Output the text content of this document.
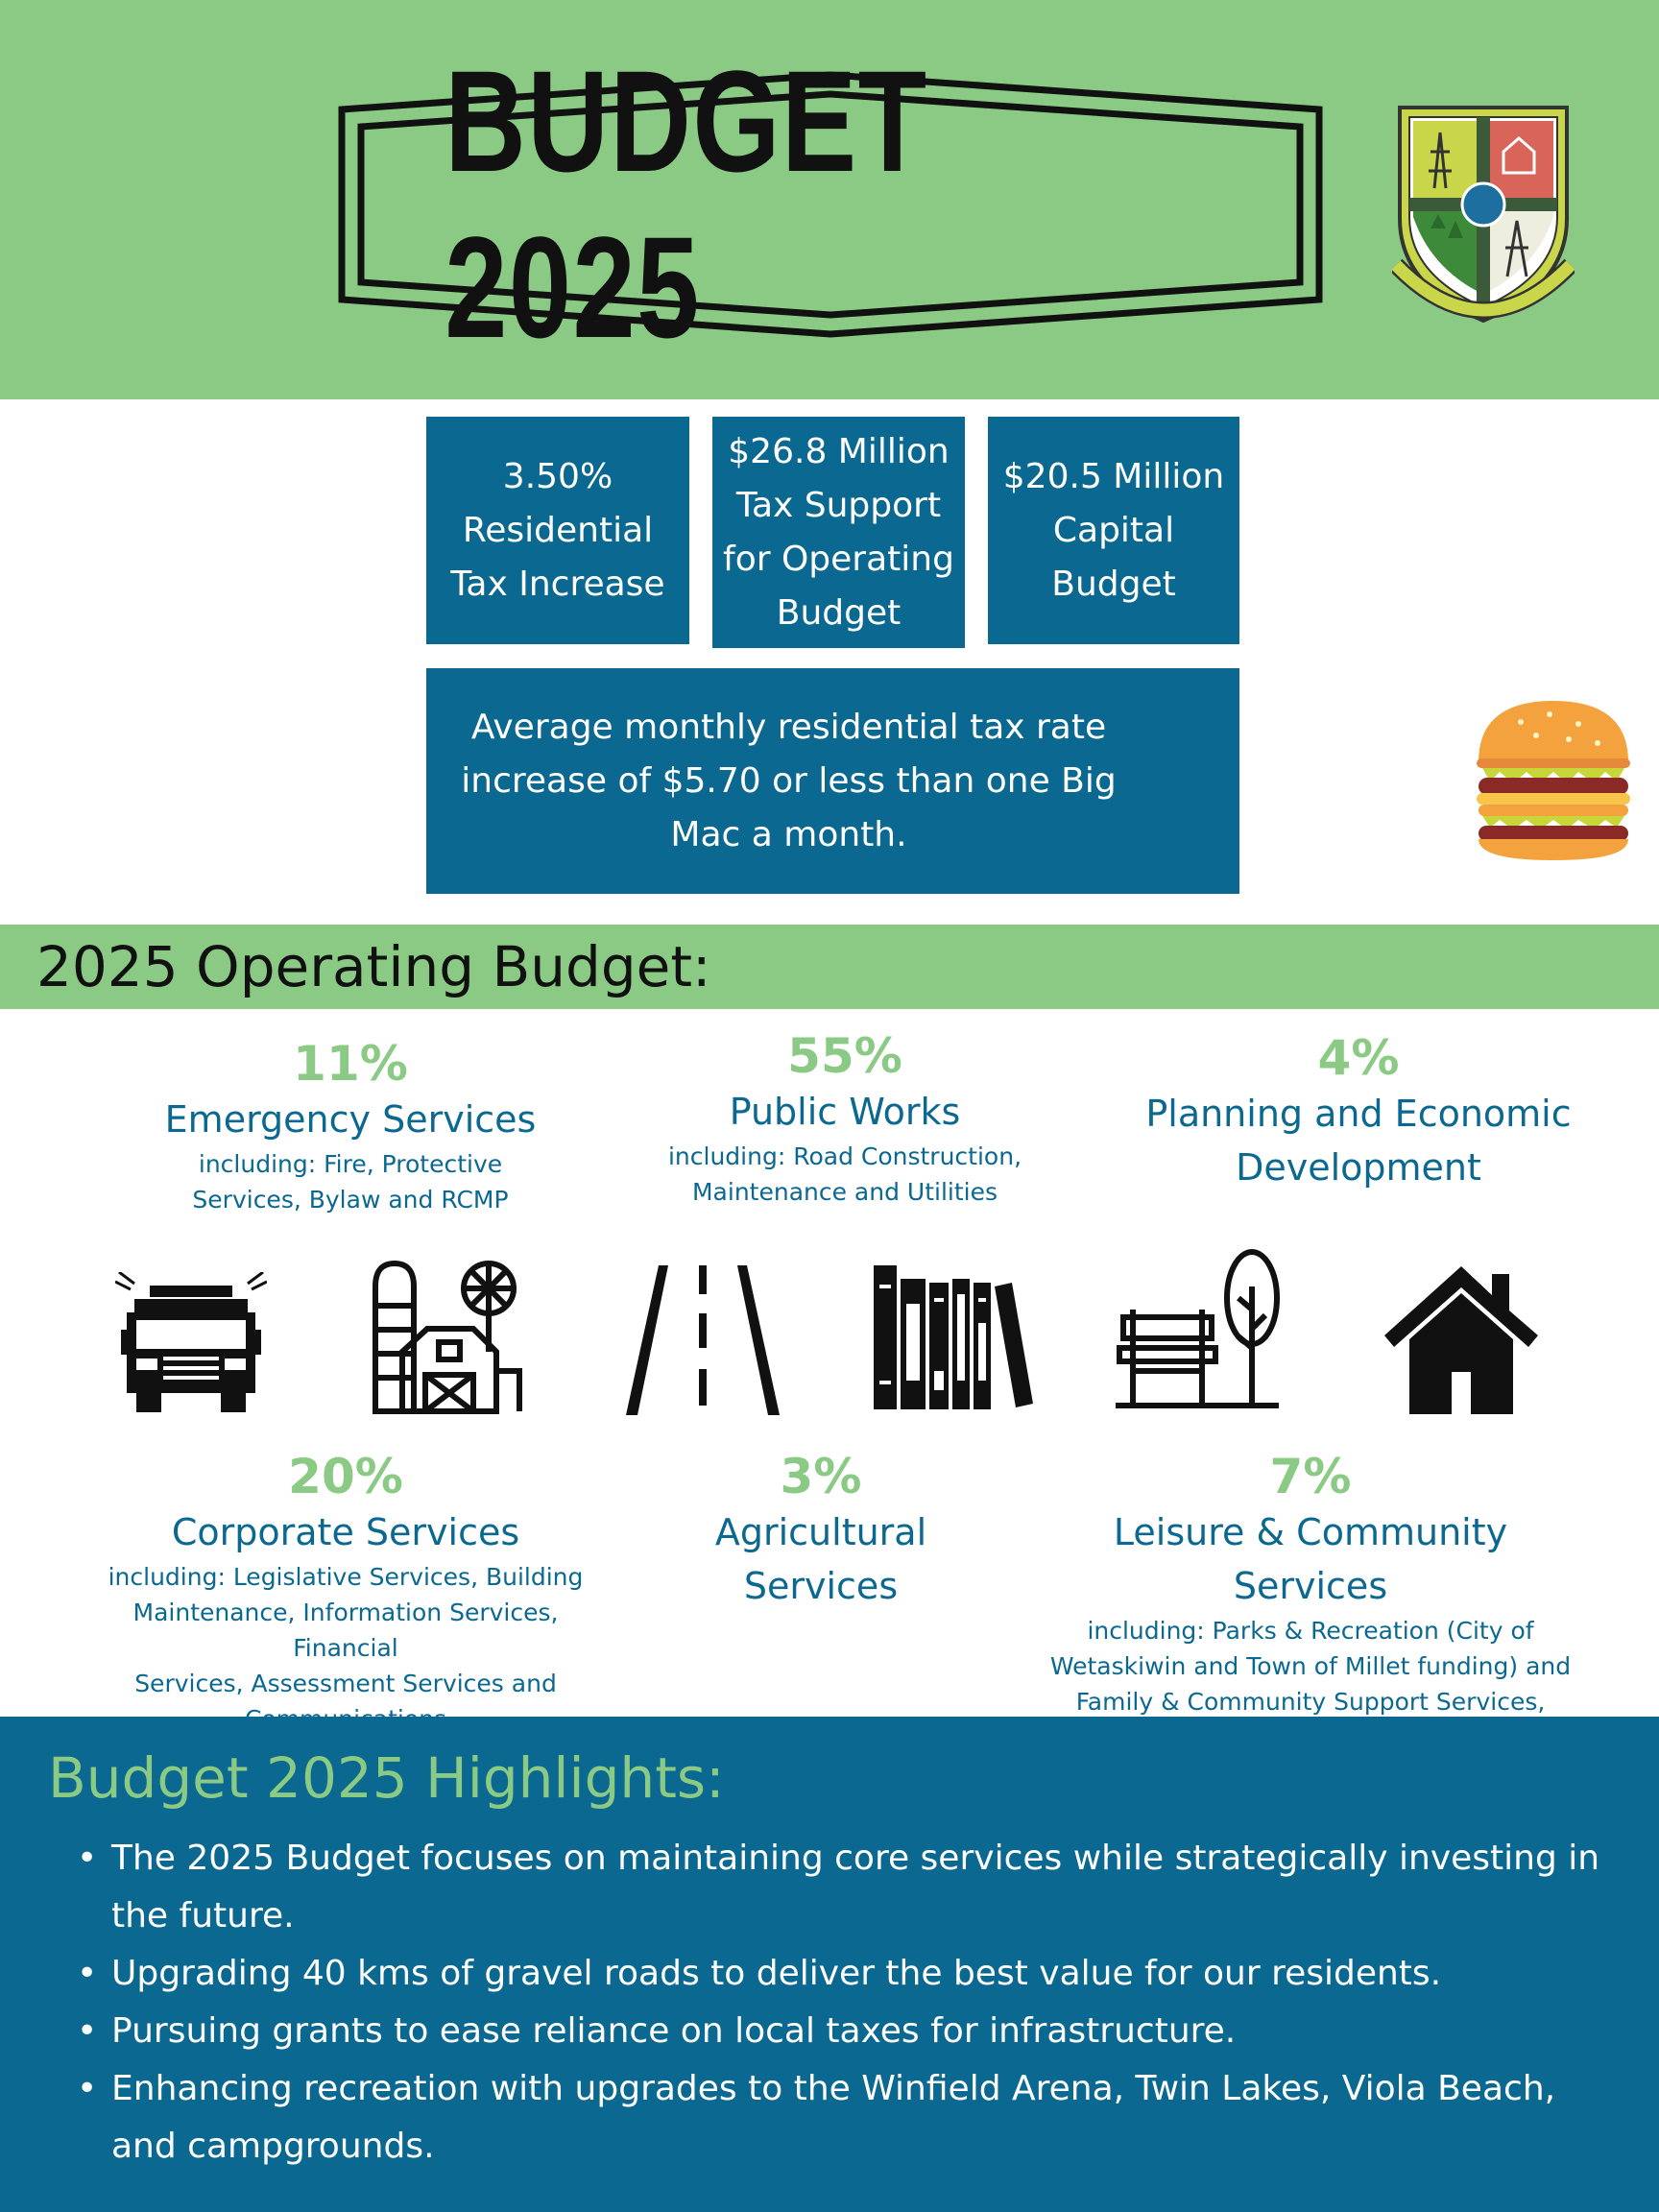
BUDGET 2025
3.50%
Residential
Tax Increase
$26.8 Million
Tax Support
for Operating
Budget
$20.5 Million
Capital
Budget
Average monthly residential tax rate increase of $5.70 or less than one Big Mac a month.
2025 Operating Budget:
11%
Emergency Services
including: Fire, Protective
Services, Bylaw and RCMP
55%
Public Works
including: Road Construction,
Maintenance and Utilities
4%
Planning and Economic
Development
20%
Corporate Services
including: Legislative Services, Building
Maintenance, Information Services, Financial
Services, Assessment Services and

3%
Agricultural
Services
7%
Leisure & Community Services
including: Parks & Recreation (City of
Wetaskiwin and Town of Millet funding) and
Family & Community Support Services,

Budget 2025 Highlights:
• The 2025 Budget focuses on maintaining core services while strategically investing in the future.
• Upgrading 40 kms of gravel roads to deliver the best value for our residents.
• Pursuing grants to ease reliance on local taxes for infrastructure.
• Enhancing recreation with upgrades to the Winfield Arena, Twin Lakes, Viola Beach, and campgrounds.
